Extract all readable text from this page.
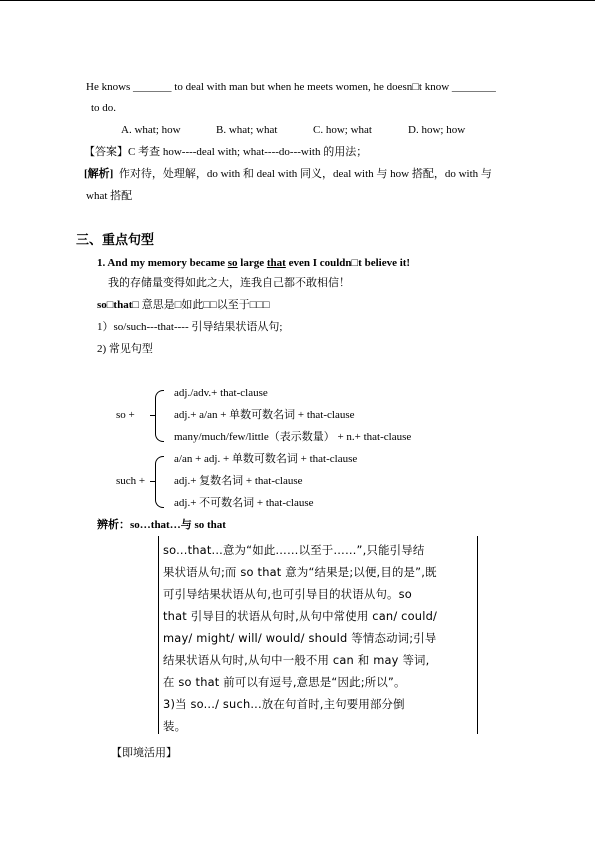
He knows _______ to deal with man but when he meets women, he doesn□t know ________
to do.
A. what; how	B. what; what	C. how; what	D. how; how
【答案】C 考查 how----deal with; what----do---with 的用法；
[解析] 作对待，处理解，do with 和 deal with 同义，deal with 与 how 搭配，do with 与
what 搭配
三、重点句型
1. And my memory became so large that even I couldn□t believe it!
我的存储量变得如此之大，连我自己都不敢相信！
so□that□ 意思是□如此□□以至于□□□
1）so/such---that---- 引导结果状语从句;
2) 常见句型
so +
adj./adv.+ that-clause
adj.+ a/an + 单数可数名词 + that-clause
many/much/few/little（表示数量） + n.+ that-clause
such +
a/an + adj. + 单数可数名词 + that-clause
adj.+ 复数名词 + that-clause
adj.+ 不可数名词 + that-clause
辨析：so…that…与 so that
so...that...意为“如此……以至于……”,只能引导结
果状语从句;而 so that 意为“结果是;以便,目的是”,既
可引导结果状语从句,也可引导目的状语从句。so
that 引导目的状语从句时,从句中常使用 can/ could/
may/ might/ will/ would/ should 等情态动词;引导
结果状语从句时,从句中一般不用 can 和 may 等词,
在 so that 前可以有逗号,意思是“因此;所以”。
3)当 so.../ such...放在句首时,主句要用部分倒
装。
【即境活用】
